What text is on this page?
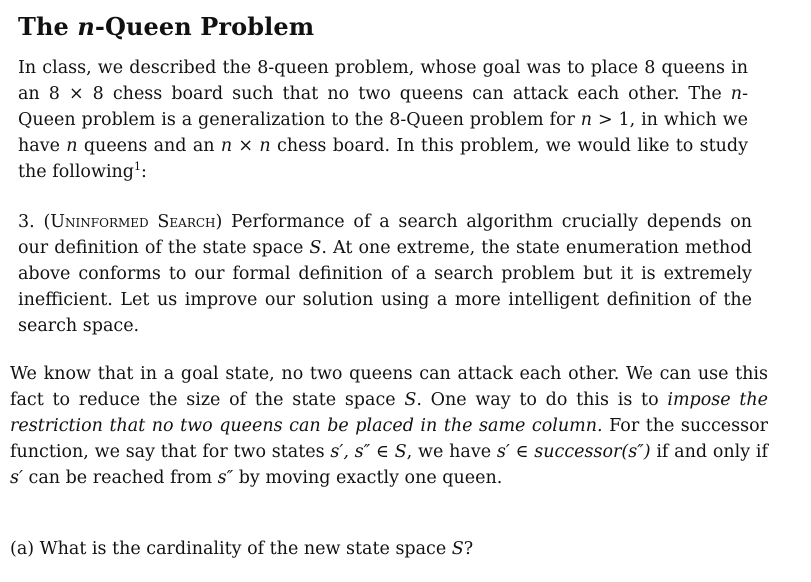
The n-Queen Problem

In class, we described the 8-queen problem, whose goal was to place 8 queens in an 8 × 8 chess board such that no two queens can attack each other. The n-Queen problem is a generalization to the 8-Queen problem for n > 1, in which we have n queens and an n × n chess board. In this problem, we would like to study the following$^1$:

3. (Uninformed Search) Performance of a search algorithm crucially depends on our definition of the state space S. At one extreme, the state enumeration method above conforms to our formal definition of a search problem but it is extremely inefficient. Let us improve our solution using a more intelligent definition of the search space.

We know that in a goal state, no two queens can attack each other. We can use this fact to reduce the size of the state space S. One way to do this is to impose the restriction that no two queens can be placed in the same column. For the successor function, we say that for two states s′, s″ ∈ S, we have s′ ∈ successor(s″) if and only if s′ can be reached from s″ by moving exactly one queen.

(a) What is the cardinality of the new state space S?
